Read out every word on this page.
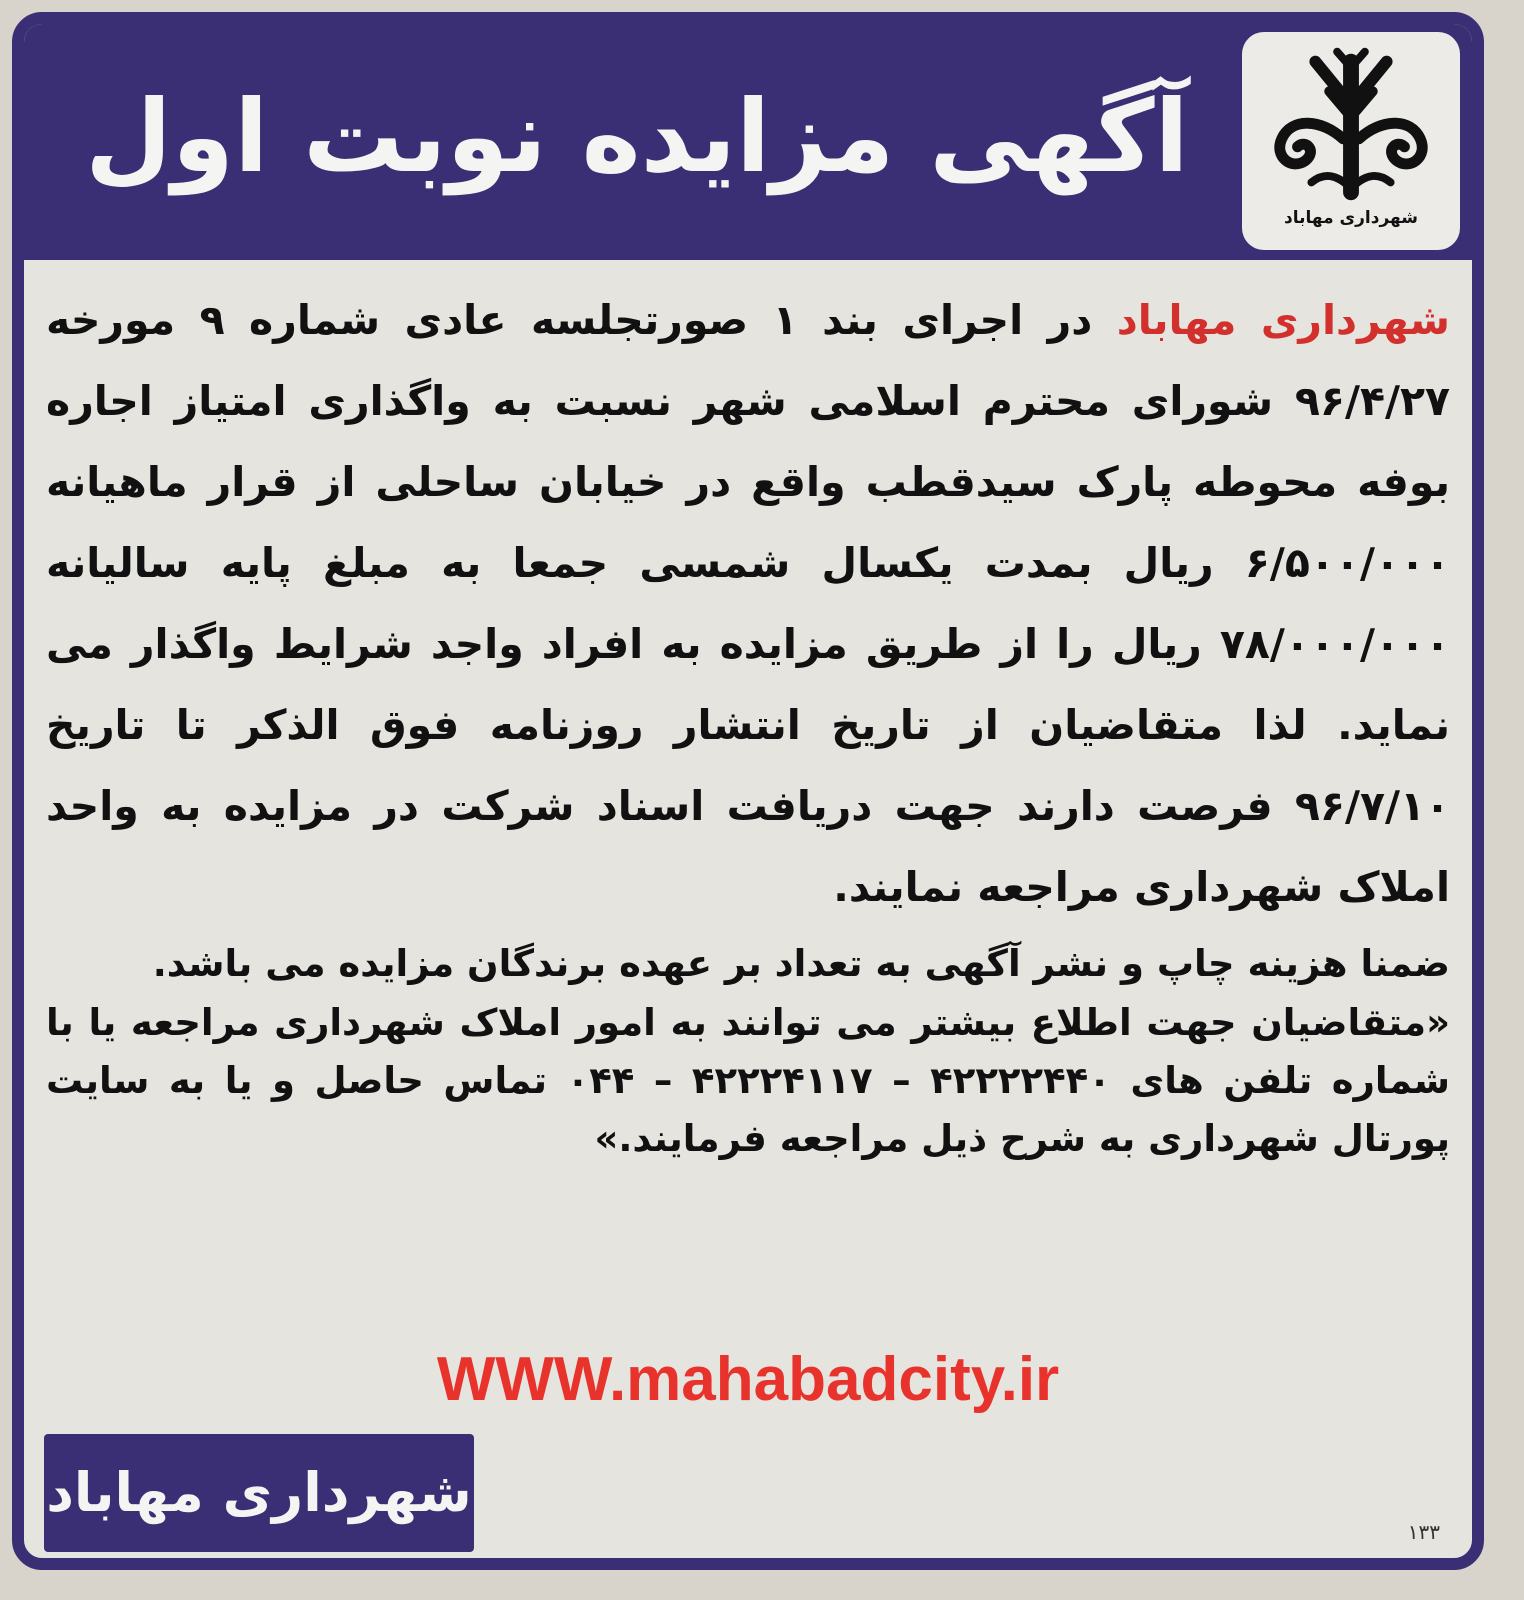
آگهی مزایده نوبت اول
شهرداری مهاباد

شهرداری مهاباد در اجرای بند ۱ صورتجلسه عادی شماره ۹ مورخه ۹۶/۴/۲۷ شورای محترم اسلامی شهر نسبت به واگذاری امتیاز اجاره بوفه محوطه پارک سیدقطب واقع در خیابان ساحلی از قرار ماهیانه ۶/۵۰۰/۰۰۰ ریال بمدت یکسال شمسی جمعا به مبلغ پایه سالیانه ۷۸/۰۰۰/۰۰۰ ریال را از طریق مزایده به افراد واجد شرایط واگذار می نماید. لذا متقاضیان از تاریخ انتشار روزنامه فوق الذکر تا تاریخ ۹۶/۷/۱۰ فرصت دارند جهت دریافت اسناد شرکت در مزایده به واحد املاک شهرداری مراجعه نمایند.

ضمنا هزینه چاپ و نشر آگهی به تعداد بر عهده برندگان مزایده می باشد.

«متقاضیان جهت اطلاع بیشتر می توانند به امور املاک شهرداری مراجعه یا با شماره تلفن های ۴۲۲۲۲۴۴۰ – ۴۲۲۲۴۱۱۷ – ۰۴۴ تماس حاصل و یا به سایت پورتال شهرداری به شرح ذیل مراجعه فرمایند.»

WWW.mahabadcity.ir

شهرداری مهاباد

۱۳۳
